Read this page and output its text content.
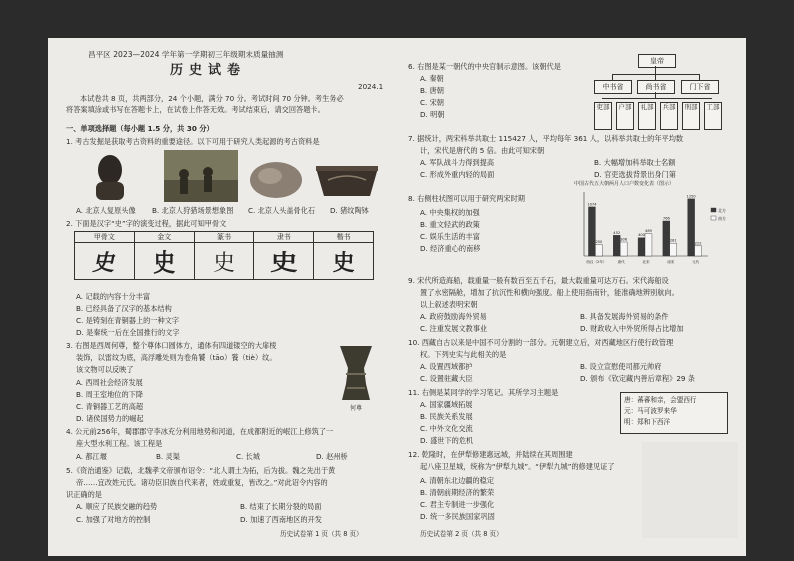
昌平区 2023—2024 学年第一学期初三年级期末质量抽测
历史试卷
2024.1
本试卷共 8 页，共两部分，24 个小题，满分 70 分。考试时间 70 分钟。考生务必
将答案填涂或书写在答题卡上，在试卷上作答无效。考试结束后，请交回答题卡。
一、单项选择题（每小题 1.5 分，共 30 分）
1. 考古发掘是获取考古资料的重要途径。以下可用于研究人类起源的考古资料是
A. 北京人复原头像 B. 北京人狩猎场景想象图 C. 北京人头盖骨化石 D. 猪纹陶钵
2. 下面是汉字“史”字的演变过程，据此可知甲骨文
甲骨文	金文	篆书	隶书	楷书
史	史	史	史	史
A. 记载的内容十分丰富
B. 已经具备了汉字的基本结构
C. 是铸刻在青铜器上的一种文字
D. 是秦统一后在全国推行的文字
3. 右图是西周何尊，整个尊体口圆体方，通体有四道镂空的大扉棱
装饰，以雷纹为底，高浮雕处则为卷角饕（tāo）餮（tiè）纹。
该文物可以反映了
何尊
A. 西周社会经济发展
B. 周王室地位的下降
C. 青铜器工艺的高超
D. 诸侯国势力的崛起
4. 公元前256年，蜀郡郡守李冰充分利用地势和河道，在成都附近的岷江上修筑了一
座大型水利工程。该工程是
A. 都江堰	B. 灵渠	C. 长城	D. 赵州桥
5.《资治通鉴》记载，北魏孝文帝颁布诏令：“北人谓土为拓，后为拔。魏之先出于黄
帝……宜改姓元氏。诸功臣旧族自代来者，姓或重复，皆改之。”对此诏令内容的
识正确的是
A. 顺应了民族交融的趋势	B. 结束了长期分裂的局面
C. 加强了对地方的控制	D. 加速了西南地区的开发
历史试卷第 1 页（共 8 页）
6. 右图是某一朝代的中央官制示意图。该朝代是
A. 秦朝
B. 唐朝
C. 宋朝
D. 明朝
皇帝
中书省	尚书省	门下省
吏部	户部	礼部	兵部	刑部	工部
7. 据统计，两宋科举共取士 115427 人，平均每年 361 人，以科举共取士的年平均数
计，宋代是唐代的 5 倍。由此可知宋朝
A. 军队战斗力得到提高	B. 大幅增加科举取士名额
C. 形成外重内轻的局面	D. 官吏选拔背景出身门第
8. 右侧柱状图可以用于研究两宋时期
A. 中央集权的加强
B. 重文轻武的政策
C. 娱乐生活的丰富
D. 经济重心的南移
中国古代五大朝两月人口户数变化表（图示）
1074
250
西汉（2年）
452
306
唐代
400
489
北宋
766
281
南宋
1250
222
元代
北方
南方
9. 宋代所造海船，载重量一般有数百至五千石，最大载重量可达万石。宋代海船设
置了水密隔舱，增加了抗沉性和横向强度。船上使用指南针，能准确地辨别航向。
以上叙述表明宋朝
A. 政府鼓励海外贸易	B. 具备发展海外贸易的条件
C. 注重发展文教事业	D. 财政收入中外贸所得占比增加
10. 西藏自古以来是中国不可分割的一部分。元朝建立后，对西藏地区行使行政管理
权。下列史实与此相关的是
A. 设置西域都护	B. 设立宣慰使司都元帅府
C. 设置驻藏大臣	D. 颁布《钦定藏内善后章程》29 条
11. 右侧是某同学的学习笔记。其所学习主题是
A. 国家疆域拓展
B. 民族关系发展
C. 中外文化交流
D. 盛世下的危机
唐：蕃蕃和亲，会盟西行
元：马可波罗来华
明：郑和下西洋
12. 乾隆时，在伊犁修建惠远城，并陆续在其周围建
起八座卫星城，统称为“伊犁九城”。“伊犁九城”的修建见证了
A. 清朝东北边疆的稳定
B. 清朝前期经济的繁荣
C. 君主专制进一步强化
D. 统一多民族国家巩固
历史试卷第 2 页（共 8 页）
